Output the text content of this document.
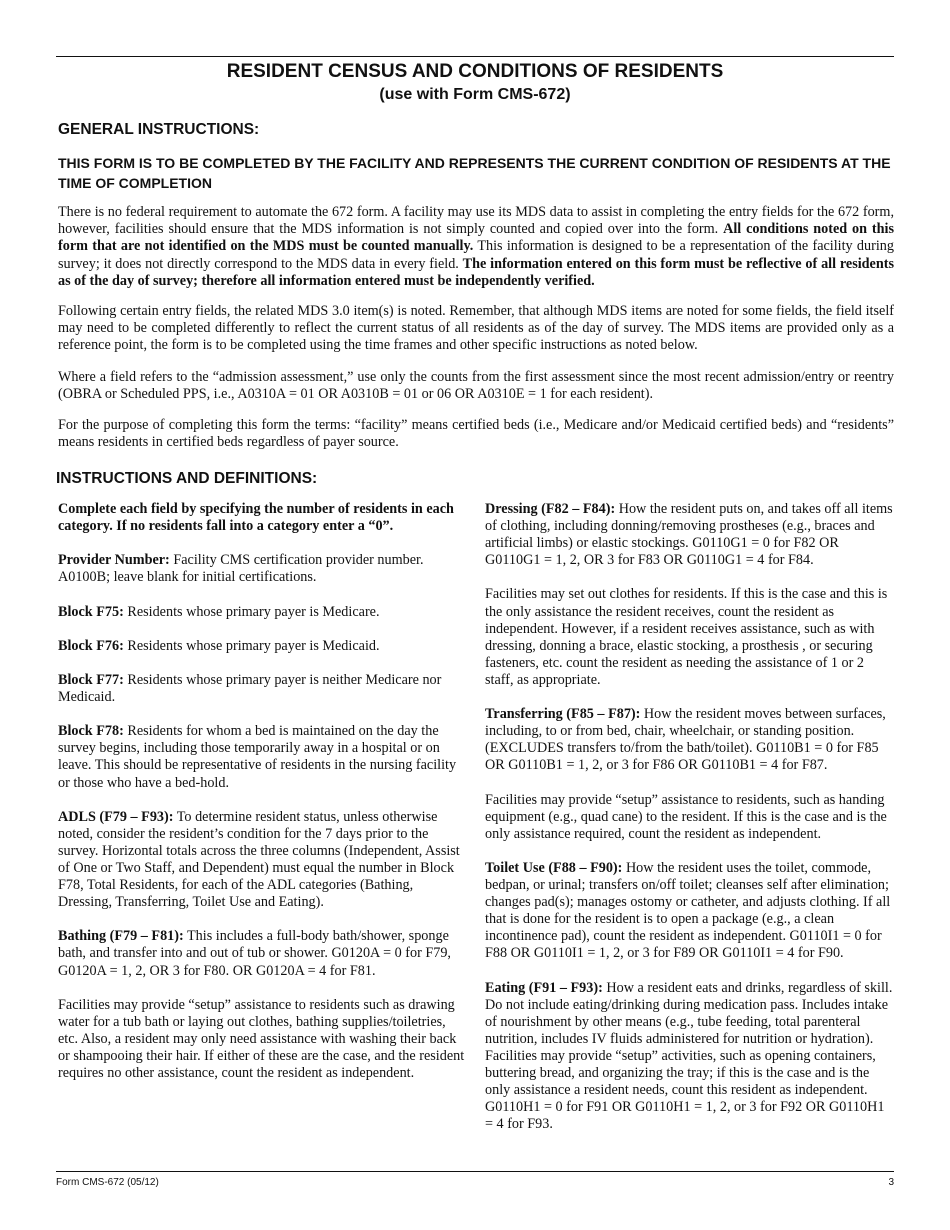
RESIDENT CENSUS AND CONDITIONS OF RESIDENTS
(use with Form CMS-672)
GENERAL INSTRUCTIONS:
THIS FORM IS TO BE COMPLETED BY THE FACILITY AND REPRESENTS THE CURRENT CONDITION OF RESIDENTS AT THE TIME OF COMPLETION

There is no federal requirement to automate the 672 form. A facility may use its MDS data to assist in completing the entry fields for the 672 form, however, facilities should ensure that the MDS information is not simply counted and copied over into the form. All conditions noted on this form that are not identified on the MDS must be counted manually. This information is designed to be a representation of the facility during survey; it does not directly correspond to the MDS data in every field. The information entered on this form must be reflective of all residents as of the day of survey; therefore all information entered must be independently verified.

Following certain entry fields, the related MDS 3.0 item(s) is noted. Remember, that although MDS items are noted for some fields, the field itself may need to be completed differently to reflect the current status of all residents as of the day of survey. The MDS items are provided only as a reference point, the form is to be completed using the time frames and other specific instructions as noted below.

Where a field refers to the “admission assessment,” use only the counts from the first assessment since the most recent admission/entry or reentry (OBRA or Scheduled PPS, i.e., A0310A = 01 OR A0310B = 01 or 06 OR A0310E = 1 for each resident).

For the purpose of completing this form the terms: “facility” means certified beds (i.e., Medicare and/or Medicaid certified beds) and “residents” means residents in certified beds regardless of payer source.

INSTRUCTIONS AND DEFINITIONS:

Complete each field by specifying the number of residents in each category. If no residents fall into a category enter a “0”.

Provider Number: Facility CMS certification provider number. A0100B; leave blank for initial certifications.

Block F75: Residents whose primary payer is Medicare.

Block F76: Residents whose primary payer is Medicaid.

Block F77: Residents whose primary payer is neither Medicare nor Medicaid.

Block F78: Residents for whom a bed is maintained on the day the survey begins, including those temporarily away in a hospital or on leave. This should be representative of residents in the nursing facility or those who have a bed-hold.

ADLS (F79 – F93): To determine resident status, unless otherwise noted, consider the resident’s condition for the 7 days prior to the survey. Horizontal totals across the three columns (Independent, Assist of One or Two Staff, and Dependent) must equal the number in Block F78, Total Residents, for each of the ADL categories (Bathing, Dressing, Transferring, Toilet Use and Eating).

Bathing (F79 – F81): This includes a full-body bath/shower, sponge bath, and transfer into and out of tub or shower. G0120A = 0 for F79, G0120A = 1, 2, OR 3 for F80. OR G0120A = 4 for F81.

Facilities may provide “setup” assistance to residents such as drawing water for a tub bath or laying out clothes, bathing supplies/toiletries, etc. Also, a resident may only need assistance with washing their back or shampooing their hair. If either of these are the case, and the resident requires no other assistance, count the resident as independent.

Dressing (F82 – F84): How the resident puts on, and takes off all items of clothing, including donning/removing prostheses (e.g., braces and artificial limbs) or elastic stockings. G0110G1 = 0 for F82 OR G0110G1 = 1, 2, OR 3 for F83 OR G0110G1 = 4 for F84.

Facilities may set out clothes for residents. If this is the case and this is the only assistance the resident receives, count the resident as independent. However, if a resident receives assistance, such as with dressing, donning a brace, elastic stocking, a prosthesis , or securing fasteners, etc. count the resident as needing the assistance of 1 or 2 staff, as appropriate.

Transferring (F85 – F87): How the resident moves between surfaces, including, to or from bed, chair, wheelchair, or standing position. (EXCLUDES transfers to/from the bath/toilet). G0110B1 = 0 for F85 OR G0110B1 = 1, 2, or 3 for F86 OR G0110B1 = 4 for F87.

Facilities may provide “setup” assistance to residents, such as handing equipment (e.g., quad cane) to the resident. If this is the case and is the only assistance required, count the resident as independent.

Toilet Use (F88 – F90): How the resident uses the toilet, commode, bedpan, or urinal; transfers on/off toilet; cleanses self after elimination; changes pad(s); manages ostomy or catheter, and adjusts clothing. If all that is done for the resident is to open a package (e.g., a clean incontinence pad), count the resident as independent. G0110I1 = 0 for F88 OR G0110I1 = 1, 2, or 3 for F89 OR G0110I1 = 4 for F90.

Eating (F91 – F93): How a resident eats and drinks, regardless of skill. Do not include eating/drinking during medication pass. Includes intake of nourishment by other means (e.g., tube feeding, total parenteral nutrition, includes IV fluids administered for nutrition or hydration). Facilities may provide “setup” activities, such as opening containers, buttering bread, and organizing the tray; if this is the case and is the only assistance a resident needs, count this resident as independent. G0110H1 = 0 for F91 OR G0110H1 = 1, 2, or 3 for F92 OR G0110H1 = 4 for F93.

Form CMS-672 (05/12)	3
